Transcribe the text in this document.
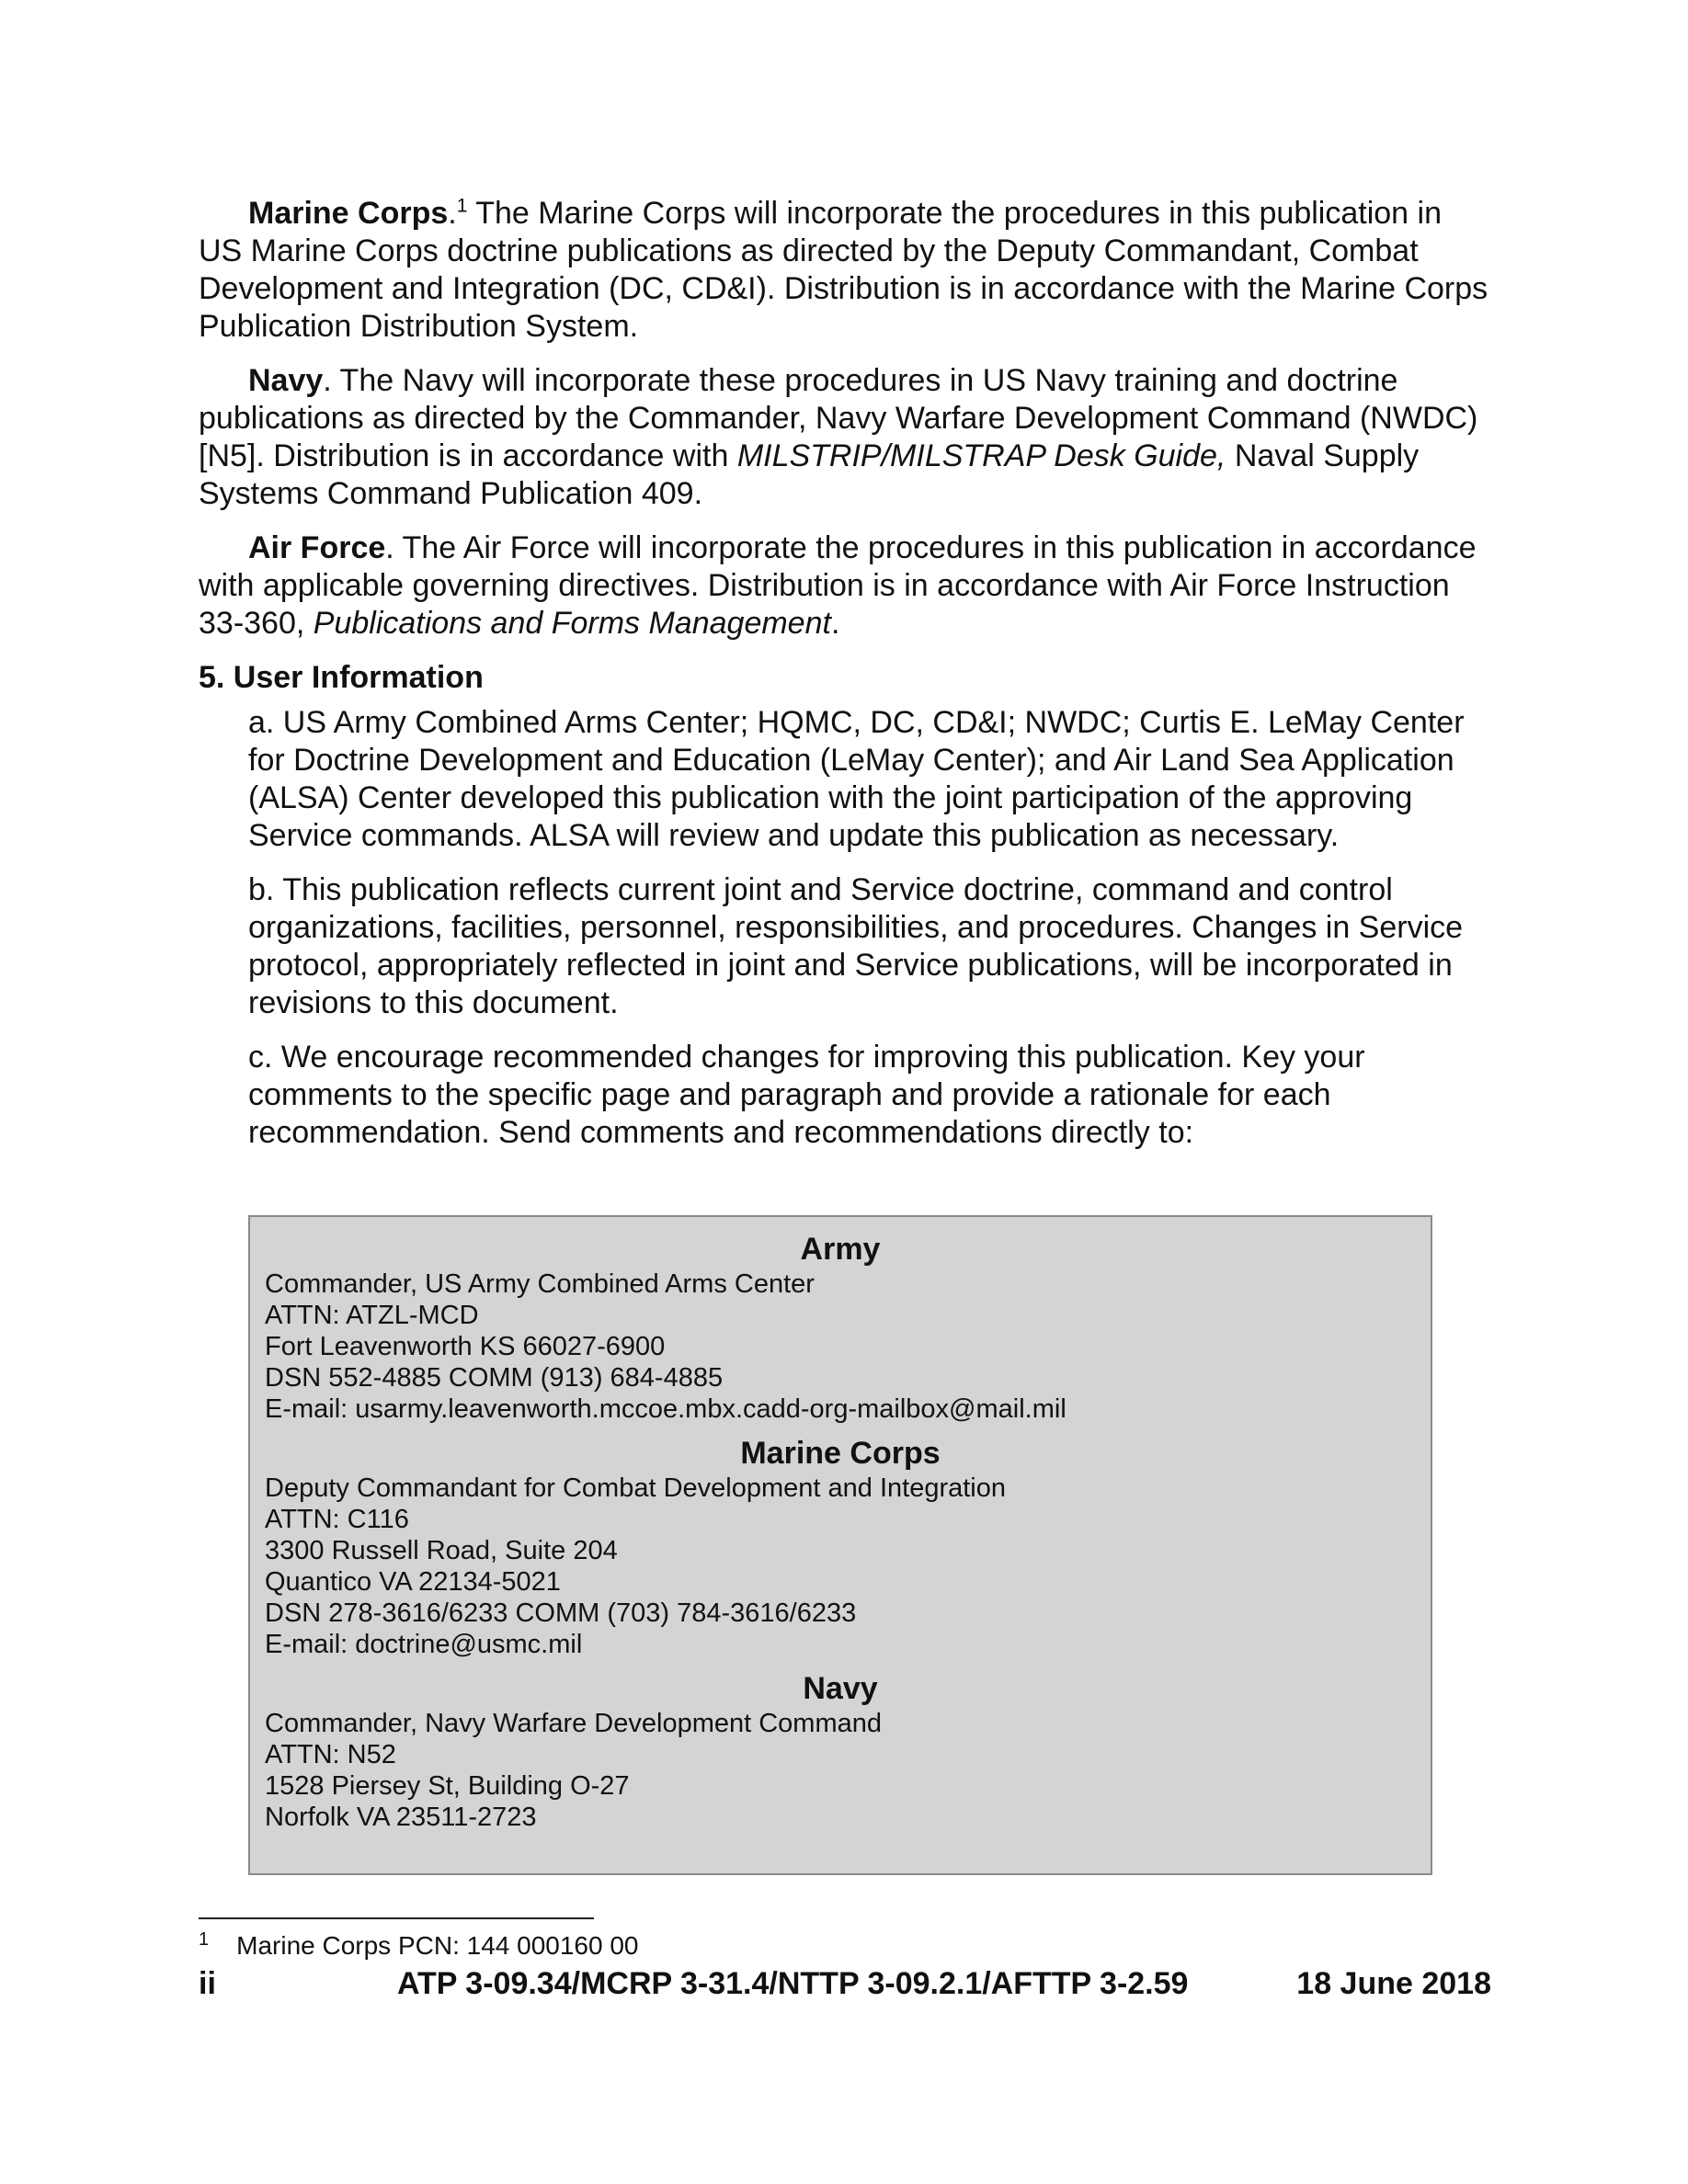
Marine Corps.$^1$ The Marine Corps will incorporate the procedures in this publication in US Marine Corps doctrine publications as directed by the Deputy Commandant, Combat Development and Integration (DC, CD&I). Distribution is in accordance with the Marine Corps Publication Distribution System.

Navy. The Navy will incorporate these procedures in US Navy training and doctrine publications as directed by the Commander, Navy Warfare Development Command (NWDC) [N5]. Distribution is in accordance with MILSTRIP/MILSTRAP Desk Guide, Naval Supply Systems Command Publication 409.

Air Force. The Air Force will incorporate the procedures in this publication in accordance with applicable governing directives. Distribution is in accordance with Air Force Instruction 33-360, Publications and Forms Management.

5. User Information

a. US Army Combined Arms Center; HQMC, DC, CD&I; NWDC; Curtis E. LeMay Center for Doctrine Development and Education (LeMay Center); and Air Land Sea Application (ALSA) Center developed this publication with the joint participation of the approving Service commands. ALSA will review and update this publication as necessary.

b. This publication reflects current joint and Service doctrine, command and control organizations, facilities, personnel, responsibilities, and procedures. Changes in Service protocol, appropriately reflected in joint and Service publications, will be incorporated in revisions to this document.

c. We encourage recommended changes for improving this publication. Key your comments to the specific page and paragraph and provide a rationale for each recommendation. Send comments and recommendations directly to:

Army
Commander, US Army Combined Arms Center
ATTN: ATZL-MCD
Fort Leavenworth KS 66027-6900
DSN 552-4885 COMM (913) 684-4885
E-mail: usarmy.leavenworth.mccoe.mbx.cadd-org-mailbox@mail.mil
Marine Corps
Deputy Commandant for Combat Development and Integration
ATTN: C116
3300 Russell Road, Suite 204
Quantico VA 22134-5021
DSN 278-3616/6233 COMM (703) 784-3616/6233
E-mail: doctrine@usmc.mil
Navy
Commander, Navy Warfare Development Command
ATTN: N52
1528 Piersey St, Building O-27
Norfolk VA 23511-2723
$^1$ Marine Corps PCN: 144 000160 00
ii	ATP 3-09.34/MCRP 3-31.4/NTTP 3-09.2.1/AFTTP 3-2.59	18 June 2018
